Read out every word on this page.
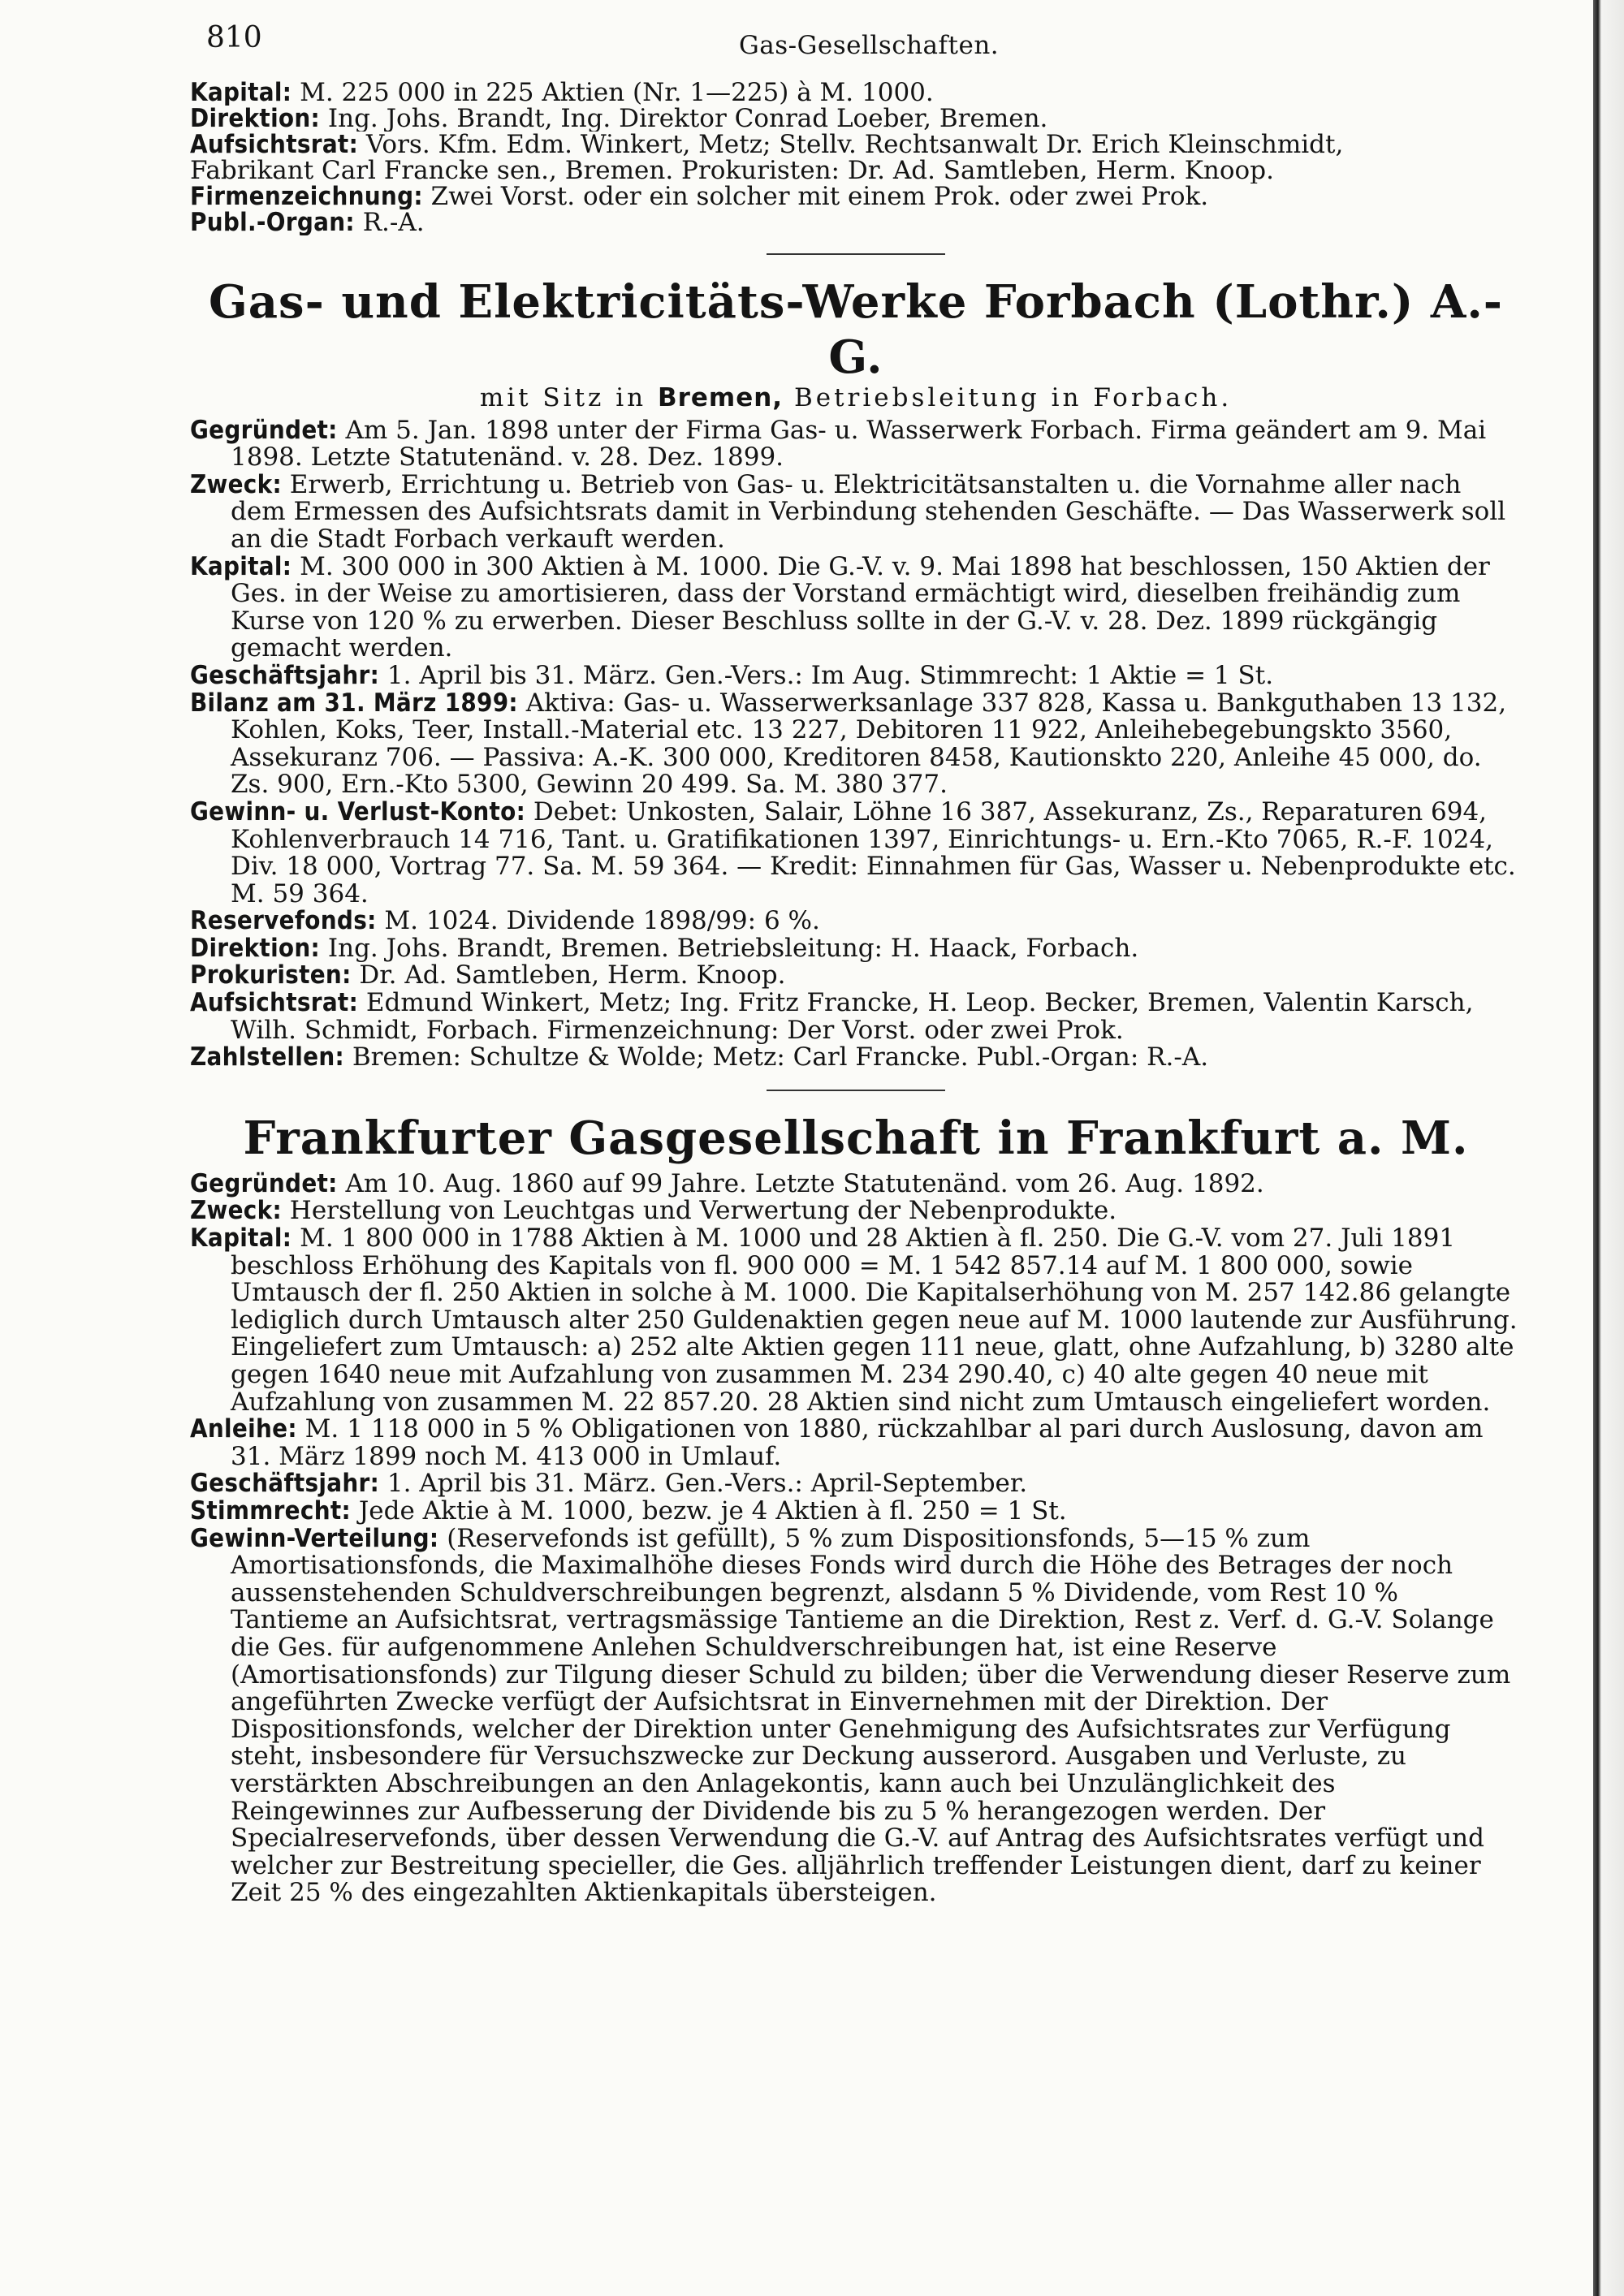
810	Gas-Gesellschaften.

Kapital: M. 225 000 in 225 Aktien (Nr. 1—225) à M. 1000.

Direktion: Ing. Johs. Brandt, Ing. Direktor Conrad Loeber, Bremen.

Aufsichtsrat: Vors. Kfm. Edm. Winkert, Metz; Stellv. Rechtsanwalt Dr. Erich Kleinschmidt,
Fabrikant Carl Francke sen., Bremen. Prokuristen: Dr. Ad. Samtleben, Herm. Knoop.

Firmenzeichnung: Zwei Vorst. oder ein solcher mit einem Prok. oder zwei Prok.

Publ.-Organ: R.-A.

Gas- und Elektricitäts-Werke Forbach (Lothr.) A.-G.

mit Sitz in Bremen, Betriebsleitung in Forbach.

Gegründet: Am 5. Jan. 1898 unter der Firma Gas- u. Wasserwerk Forbach. Firma geändert am 9. Mai 1898. Letzte Statutenänd. v. 28. Dez. 1899.

Zweck: Erwerb, Errichtung u. Betrieb von Gas- u. Elektricitätsanstalten u. die Vornahme aller nach dem Ermessen des Aufsichtsrats damit in Verbindung stehenden Geschäfte. — Das Wasserwerk soll an die Stadt Forbach verkauft werden.

Kapital: M. 300 000 in 300 Aktien à M. 1000. Die G.-V. v. 9. Mai 1898 hat beschlossen, 150 Aktien der Ges. in der Weise zu amortisieren, dass der Vorstand ermächtigt wird, dieselben freihändig zum Kurse von 120 % zu erwerben. Dieser Beschluss sollte in der G.-V. v. 28. Dez. 1899 rückgängig gemacht werden.

Geschäftsjahr: 1. April bis 31. März. Gen.-Vers.: Im Aug. Stimmrecht: 1 Aktie = 1 St.

Bilanz am 31. März 1899: Aktiva: Gas- u. Wasserwerksanlage 337 828, Kassa u. Bankguthaben 13 132, Kohlen, Koks, Teer, Install.-Material etc. 13 227, Debitoren 11 922, Anleihebegebungskto 3560, Assekuranz 706. — Passiva: A.-K. 300 000, Kreditoren 8458, Kautionskto 220, Anleihe 45 000, do. Zs. 900, Ern.-Kto 5300, Gewinn 20 499. Sa. M. 380 377.

Gewinn- u. Verlust-Konto: Debet: Unkosten, Salair, Löhne 16 387, Assekuranz, Zs., Reparaturen 694, Kohlenverbrauch 14 716, Tant. u. Gratifikationen 1397, Einrichtungs- u. Ern.-Kto 7065, R.-F. 1024, Div. 18 000, Vortrag 77. Sa. M. 59 364. — Kredit: Einnahmen für Gas, Wasser u. Nebenprodukte etc. M. 59 364.

Reservefonds: M. 1024. Dividende 1898/99: 6 %.

Direktion: Ing. Johs. Brandt, Bremen. Betriebsleitung: H. Haack, Forbach.

Prokuristen: Dr. Ad. Samtleben, Herm. Knoop.

Aufsichtsrat: Edmund Winkert, Metz; Ing. Fritz Francke, H. Leop. Becker, Bremen, Valentin Karsch, Wilh. Schmidt, Forbach. Firmenzeichnung: Der Vorst. oder zwei Prok.

Zahlstellen: Bremen: Schultze & Wolde; Metz: Carl Francke. Publ.-Organ: R.-A.

Frankfurter Gasgesellschaft in Frankfurt a. M.

Gegründet: Am 10. Aug. 1860 auf 99 Jahre. Letzte Statutenänd. vom 26. Aug. 1892.

Zweck: Herstellung von Leuchtgas und Verwertung der Nebenprodukte.

Kapital: M. 1 800 000 in 1788 Aktien à M. 1000 und 28 Aktien à fl. 250. Die G.-V. vom 27. Juli 1891 beschloss Erhöhung des Kapitals von fl. 900 000 = M. 1 542 857.14 auf M. 1 800 000, sowie Umtausch der fl. 250 Aktien in solche à M. 1000. Die Kapitalserhöhung von M. 257 142.86 gelangte lediglich durch Umtausch alter 250 Guldenaktien gegen neue auf M. 1000 lautende zur Ausführung. Eingeliefert zum Umtausch: a) 252 alte Aktien gegen 111 neue, glatt, ohne Aufzahlung, b) 3280 alte gegen 1640 neue mit Aufzahlung von zusammen M. 234 290.40, c) 40 alte gegen 40 neue mit Aufzahlung von zusammen M. 22 857.20. 28 Aktien sind nicht zum Umtausch eingeliefert worden.

Anleihe: M. 1 118 000 in 5 % Obligationen von 1880, rückzahlbar al pari durch Auslosung, davon am 31. März 1899 noch M. 413 000 in Umlauf.

Geschäftsjahr: 1. April bis 31. März. Gen.-Vers.: April-September.

Stimmrecht: Jede Aktie à M. 1000, bezw. je 4 Aktien à fl. 250 = 1 St.

Gewinn-Verteilung: (Reservefonds ist gefüllt), 5 % zum Dispositionsfonds, 5—15 % zum Amortisationsfonds, die Maximalhöhe dieses Fonds wird durch die Höhe des Betrages der noch aussenstehenden Schuldverschreibungen begrenzt, alsdann 5 % Dividende, vom Rest 10 % Tantieme an Aufsichtsrat, vertragsmässige Tantieme an die Direktion, Rest z. Verf. d. G.-V. Solange die Ges. für aufgenommene Anlehen Schuldverschreibungen hat, ist eine Reserve (Amortisationsfonds) zur Tilgung dieser Schuld zu bilden; über die Verwendung dieser Reserve zum angeführten Zwecke verfügt der Aufsichtsrat in Einvernehmen mit der Direktion. Der Dispositionsfonds, welcher der Direktion unter Genehmigung des Aufsichtsrates zur Verfügung steht, insbesondere für Versuchszwecke zur Deckung ausserord. Ausgaben und Verluste, zu verstärkten Abschreibungen an den Anlagekontis, kann auch bei Unzulänglichkeit des Reingewinnes zur Aufbesserung der Dividende bis zu 5 % herangezogen werden. Der Specialreservefonds, über dessen Verwendung die G.-V. auf Antrag des Aufsichtsrates verfügt und welcher zur Bestreitung specieller, die Ges. alljährlich treffender Leistungen dient, darf zu keiner Zeit 25 % des eingezahlten Aktienkapitals übersteigen.
